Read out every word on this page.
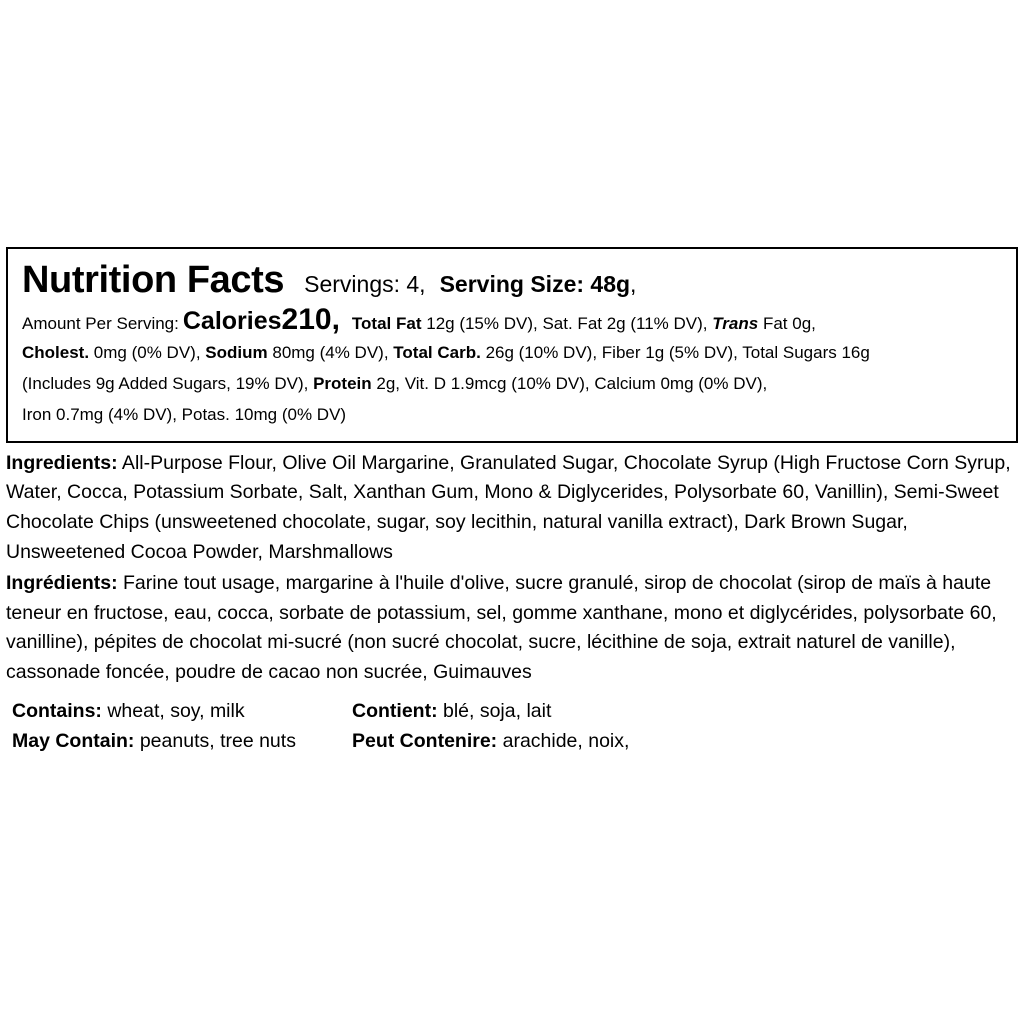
Nutrition Facts Servings: 4, Serving Size: 48g,
Amount Per Serving: Calories 210, Total Fat 12g (15% DV), Sat. Fat 2g (11% DV), Trans Fat 0g,
Cholest. 0mg (0% DV), Sodium 80mg (4% DV), Total Carb. 26g (10% DV), Fiber 1g (5% DV), Total Sugars 16g
(Includes 9g Added Sugars, 19% DV), Protein 2g, Vit. D 1.9mcg (10% DV), Calcium 0mg (0% DV),
Iron 0.7mg (4% DV), Potas. 10mg (0% DV)

Ingredients: All-Purpose Flour, Olive Oil Margarine, Granulated Sugar, Chocolate Syrup (High Fructose Corn Syrup, Water, Cocca, Potassium Sorbate, Salt, Xanthan Gum, Mono & Diglycerides, Polysorbate 60, Vanillin), Semi-Sweet Chocolate Chips (unsweetened chocolate, sugar, soy lecithin, natural vanilla extract), Dark Brown Sugar, Unsweetened Cocoa Powder, Marshmallows

Ingrédients: Farine tout usage, margarine à l'huile d'olive, sucre granulé, sirop de chocolat (sirop de maïs à haute teneur en fructose, eau, cocca, sorbate de potassium, sel, gomme xanthane, mono et diglycérides, polysorbate 60, vanilline), pépites de chocolat mi-sucré (non sucré chocolat, sucre, lécithine de soja, extrait naturel de vanille), cassonade foncée, poudre de cacao non sucrée, Guimauves

Contains: wheat, soy, milk	Contient: blé, soja, lait
May Contain: peanuts, tree nuts	Peut Contenire: arachide, noix,
